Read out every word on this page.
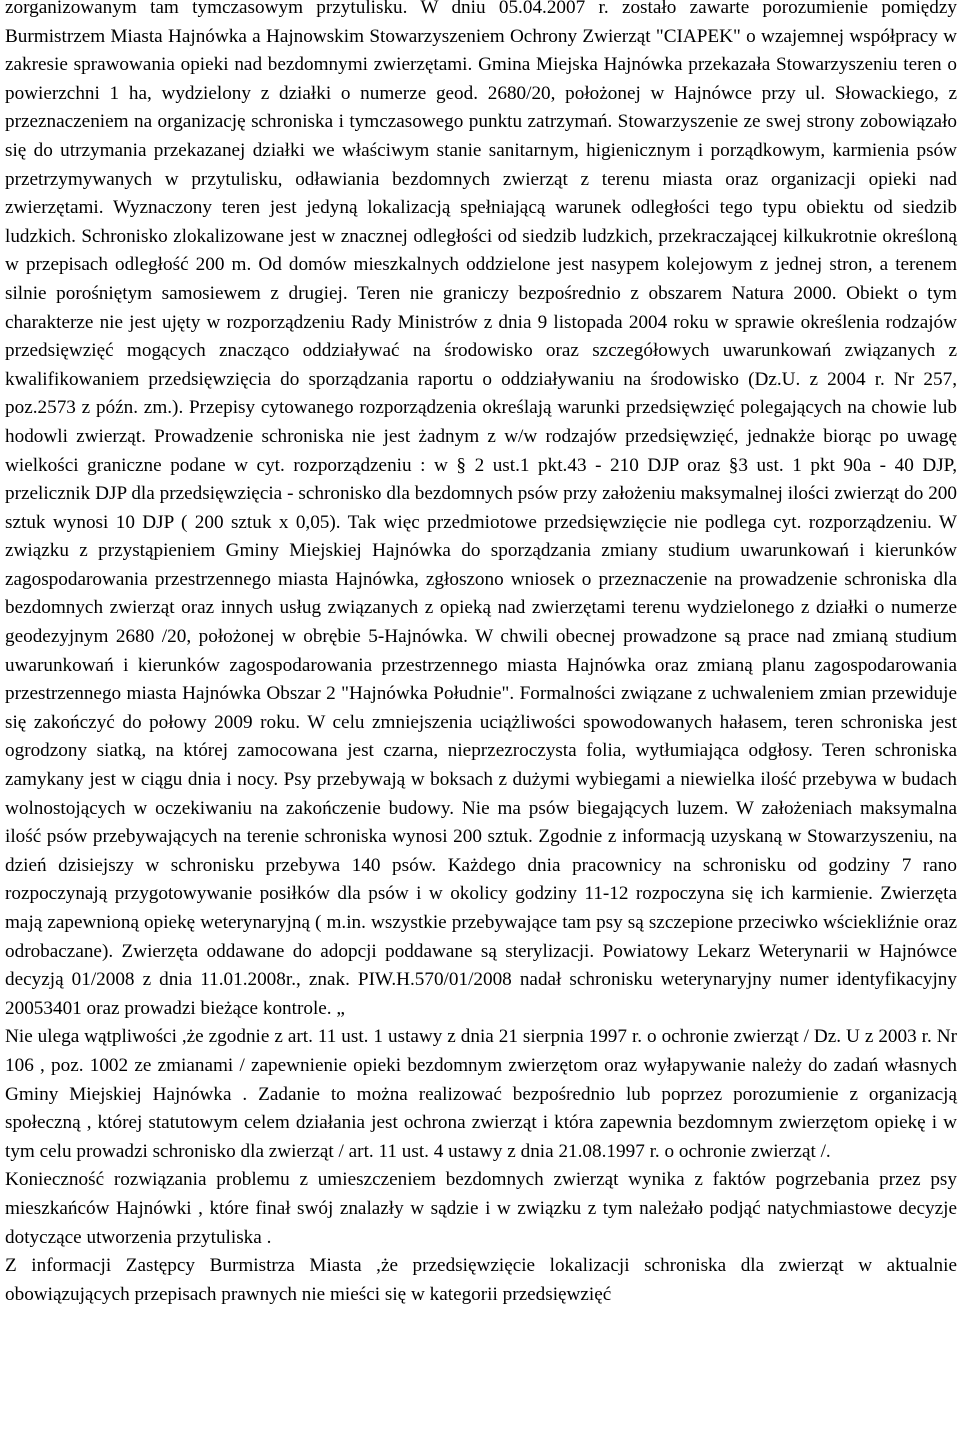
zorganizowanym tam tymczasowym przytulisku. W dniu 05.04.2007 r. zostało zawarte porozumienie pomiędzy Burmistrzem Miasta Hajnówka a Hajnowskim Stowarzyszeniem Ochrony Zwierząt "CIAPEK" o wzajemnej współpracy w zakresie sprawowania opieki nad bezdomnymi zwierzętami. Gmina Miejska Hajnówka przekazała Stowarzyszeniu teren o powierzchni 1 ha, wydzielony z działki o numerze geod. 2680/20, położonej w Hajnówce przy ul. Słowackiego, z przeznaczeniem na organizację schroniska i tymczasowego punktu zatrzymań. Stowarzyszenie ze swej strony zobowiązało się do utrzymania przekazanej działki we właściwym stanie sanitarnym, higienicznym i porządkowym, karmienia psów przetrzymywanych w przytulisku, odławiania bezdomnych zwierząt z terenu miasta oraz organizacji opieki nad zwierzętami. Wyznaczony teren jest jedyną lokalizacją spełniającą warunek odległości tego typu obiektu od siedzib ludzkich. Schronisko zlokalizowane jest w znacznej odległości od siedzib ludzkich, przekraczającej kilkukrotnie określoną w przepisach odległość 200 m. Od domów mieszkalnych oddzielone jest nasypem kolejowym z jednej stron, a terenem silnie porośniętym samosiewem z drugiej. Teren nie graniczy bezpośrednio z obszarem Natura 2000. Obiekt o tym charakterze nie jest ujęty w rozporządzeniu Rady Ministrów z dnia 9 listopada 2004 roku w sprawie określenia rodzajów przedsięwzięć mogących znacząco oddziaływać na środowisko oraz szczegółowych uwarunkowań związanych z kwalifikowaniem przedsięwzięcia do sporządzania raportu o oddziaływaniu na środowisko (Dz.U. z 2004 r. Nr 257, poz.2573 z późn. zm.). Przepisy cytowanego rozporządzenia określają warunki przedsięwzięć polegających na chowie lub hodowli zwierząt. Prowadzenie schroniska nie jest żadnym z w/w rodzajów przedsięwzięć, jednakże biorąc po uwagę wielkości graniczne podane w cyt. rozporządzeniu : w § 2 ust.1 pkt.43 - 210 DJP oraz §3 ust. 1 pkt 90a - 40 DJP, przelicznik DJP dla przedsięwzięcia - schronisko dla bezdomnych psów przy założeniu maksymalnej ilości zwierząt do 200 sztuk wynosi 10 DJP ( 200 sztuk x 0,05). Tak więc przedmiotowe przedsięwzięcie nie podlega cyt. rozporządzeniu. W związku z przystąpieniem Gminy Miejskiej Hajnówka do sporządzania zmiany studium uwarunkowań i kierunków zagospodarowania przestrzennego miasta Hajnówka, zgłoszono wniosek o przeznaczenie na prowadzenie schroniska dla bezdomnych zwierząt oraz innych usług związanych z opieką nad zwierzętami terenu wydzielonego z działki o numerze geodezyjnym 2680 /20, położonej w obrębie 5-Hajnówka. W chwili obecnej prowadzone są prace nad zmianą studium uwarunkowań i kierunków zagospodarowania przestrzennego miasta Hajnówka oraz zmianą planu zagospodarowania przestrzennego miasta Hajnówka Obszar 2 "Hajnówka Południe". Formalności związane z uchwaleniem zmian przewiduje się zakończyć do połowy 2009 roku. W celu zmniejszenia uciążliwości spowodowanych hałasem, teren schroniska jest ogrodzony siatką, na której zamocowana jest czarna, nieprzezroczysta folia, wytłumiająca odgłosy. Teren schroniska zamykany jest w ciągu dnia i nocy. Psy przebywają w boksach z dużymi wybiegami a niewielka ilość przebywa w budach wolnostojących w oczekiwaniu na zakończenie budowy. Nie ma psów biegających luzem. W założeniach maksymalna ilość psów przebywających na terenie schroniska wynosi 200 sztuk. Zgodnie z informacją uzyskaną w Stowarzyszeniu, na dzień dzisiejszy w schronisku przebywa 140 psów. Każdego dnia pracownicy na schronisku od godziny 7 rano rozpoczynają przygotowywanie posiłków dla psów i w okolicy godziny 11-12 rozpoczyna się ich karmienie. Zwierzęta mają zapewnioną opiekę weterynaryjną ( m.in. wszystkie przebywające tam psy są szczepione przeciwko wściekliźnie oraz odrobaczane). Zwierzęta oddawane do adopcji poddawane są sterylizacji. Powiatowy Lekarz Weterynarii w Hajnówce decyzją 01/2008 z dnia 11.01.2008r., znak. PIW.H.570/01/2008 nadał schronisku weterynaryjny numer identyfikacyjny 20053401 oraz prowadzi bieżące kontrole. „

Nie ulega wątpliwości ,że zgodnie z art. 11 ust. 1 ustawy z dnia 21 sierpnia 1997 r. o ochronie zwierząt / Dz. U z 2003 r. Nr 106 , poz. 1002 ze zmianami / zapewnienie opieki bezdomnym zwierzętom oraz wyłapywanie należy do zadań własnych Gminy Miejskiej Hajnówka . Zadanie to można realizować bezpośrednio lub poprzez porozumienie z organizacją społeczną , której statutowym celem działania jest ochrona zwierząt i która zapewnia bezdomnym zwierzętom opiekę i w tym celu prowadzi schronisko dla zwierząt / art. 11 ust. 4 ustawy z dnia 21.08.1997 r. o ochronie zwierząt /.

Konieczność rozwiązania problemu z umieszczeniem bezdomnych zwierząt wynika z faktów pogrzebania przez psy mieszkańców Hajnówki , które finał swój znalazły w sądzie i w związku z tym należało podjąć natychmiastowe decyzje dotyczące utworzenia przytuliska .

Z informacji Zastępcy Burmistrza Miasta ,że przedsięwzięcie lokalizacji schroniska dla zwierząt w aktualnie obowiązujących przepisach prawnych nie mieści się w kategorii przedsięwzięć
